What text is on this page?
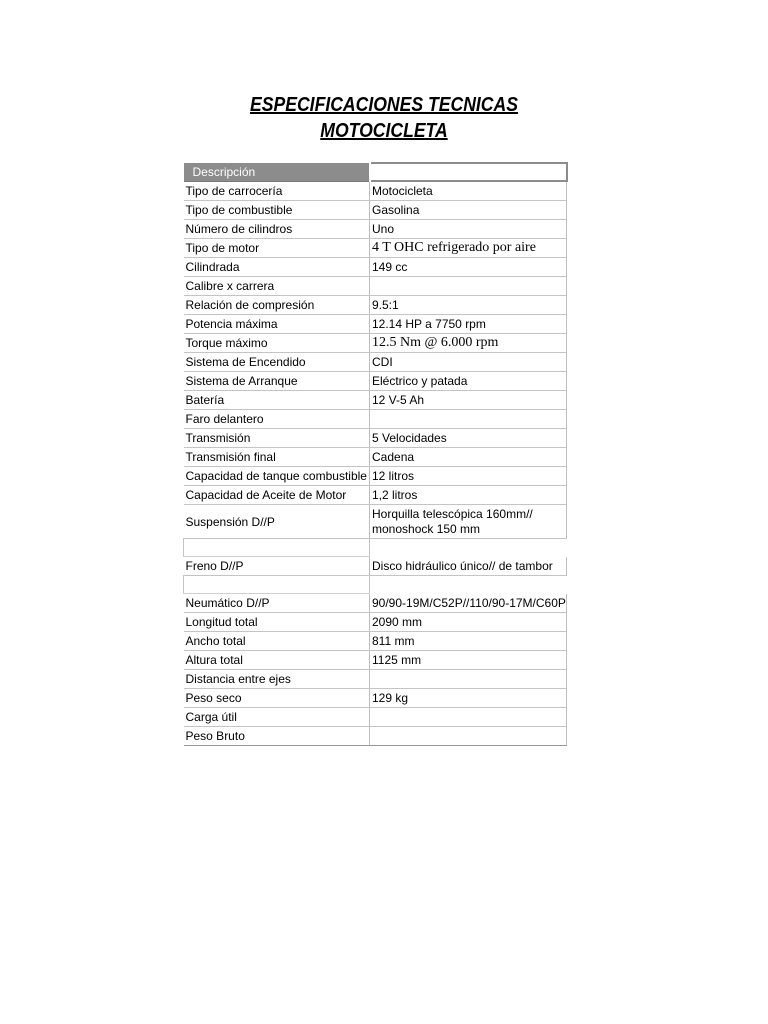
ESPECIFICACIONES TECNICAS
MOTOCICLETA
Descripción	
Tipo de carrocería	Motocicleta
Tipo de combustible	Gasolina
Número de cilindros	Uno
Tipo de motor	4 T OHC refrigerado por aire
Cilindrada	149 cc
Calibre x carrera	
Relación de compresión	9.5:1
Potencia máxima	12.14 HP a 7750 rpm
Torque máximo	12.5 Nm @ 6.000 rpm
Sistema de Encendido	CDI
Sistema de Arranque	Eléctrico y patada
Batería	12 V-5 Ah
Faro delantero	
Transmisión	5 Velocidades
Transmisión final	Cadena
Capacidad de tanque combustible	12 litros
Capacidad de Aceite de Motor	1,2 litros
Suspensión D//P	Horquilla telescópica 160mm// monoshock 150 mm

Freno D//P	Disco hidráulico único// de tambor

Neumático D//P	90/90-19M/C52P//110/90-17M/C60P
Longitud total	2090 mm
Ancho total	811 mm
Altura total	1125 mm
Distancia entre ejes	
Peso seco	129 kg
Carga útil	
Peso Bruto	
